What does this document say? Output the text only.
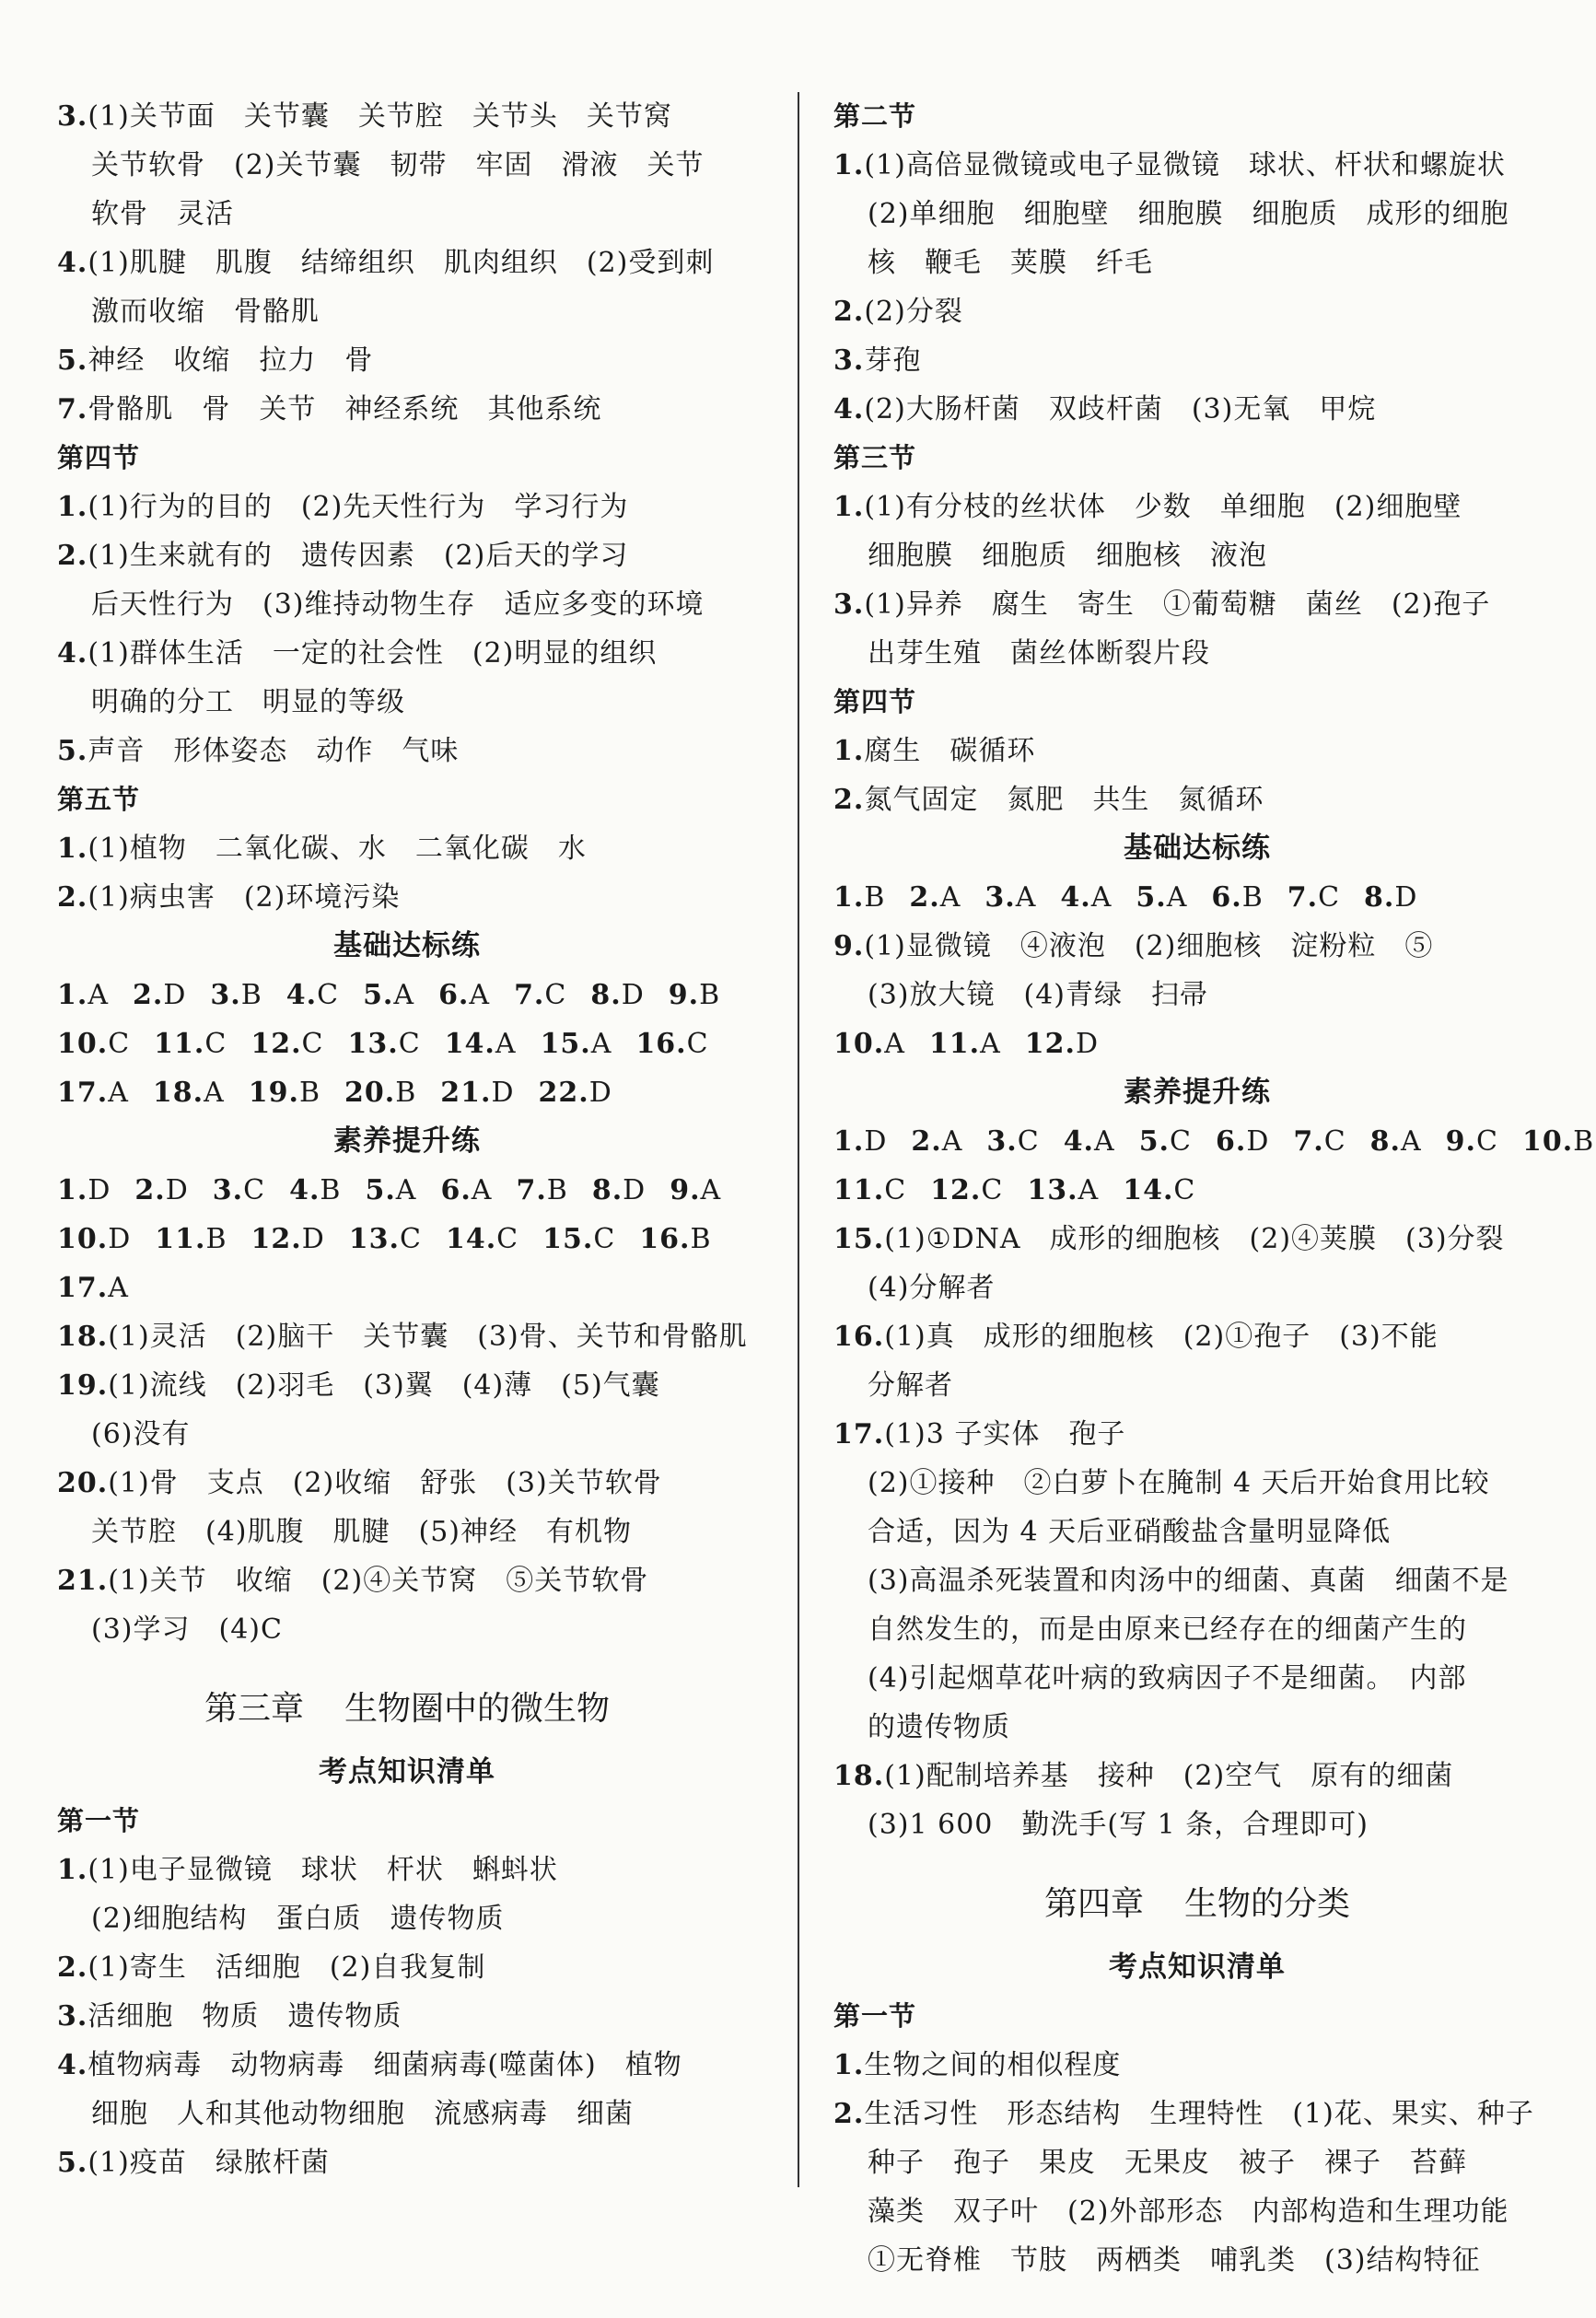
3.(1)关节面　关节囊　关节腔　关节头　关节窝
关节软骨　(2)关节囊　韧带　牢固　滑液　关节
软骨　灵活
4.(1)肌腱　肌腹　结缔组织　肌肉组织　(2)受到刺
激而收缩　骨骼肌
5.神经　收缩　拉力　骨
7.骨骼肌　骨　关节　神经系统　其他系统
第四节
1.(1)行为的目的　(2)先天性行为　学习行为
2.(1)生来就有的　遗传因素　(2)后天的学习
后天性行为　(3)维持动物生存　适应多变的环境
4.(1)群体生活　一定的社会性　(2)明显的组织
明确的分工　明显的等级
5.声音　形体姿态　动作　气味
第五节
1.(1)植物　二氧化碳、水　二氧化碳　水
2.(1)病虫害　(2)环境污染
基础达标练
1.A 2.D 3.B 4.C 5.A 6.A 7.C 8.D 9.B
10.C 11.C 12.C 13.C 14.A 15.A 16.C
17.A 18.A 19.B 20.B 21.D 22.D
素养提升练
1.D 2.D 3.C 4.B 5.A 6.A 7.B 8.D 9.A
10.D 11.B 12.D 13.C 14.C 15.C 16.B
17.A
18.(1)灵活　(2)脑干　关节囊　(3)骨、关节和骨骼肌
19.(1)流线　(2)羽毛　(3)翼　(4)薄　(5)气囊
(6)没有
20.(1)骨　支点　(2)收缩　舒张　(3)关节软骨
关节腔　(4)肌腹　肌腱　(5)神经　有机物
21.(1)关节　收缩　(2)④关节窝　⑤关节软骨
(3)学习　(4)C
第三章 生物圈中的微生物
考点知识清单
第一节
1.(1)电子显微镜　球状　杆状　蝌蚪状
(2)细胞结构　蛋白质　遗传物质
2.(1)寄生　活细胞　(2)自我复制
3.活细胞　物质　遗传物质
4.植物病毒　动物病毒　细菌病毒(噬菌体)　植物
细胞　人和其他动物细胞　流感病毒　细菌
5.(1)疫苗　绿脓杆菌
第二节
1.(1)高倍显微镜或电子显微镜　球状、杆状和螺旋状
(2)单细胞　细胞壁　细胞膜　细胞质　成形的细胞
核　鞭毛　荚膜　纤毛
2.(2)分裂
3.芽孢
4.(2)大肠杆菌　双歧杆菌　(3)无氧　甲烷
第三节
1.(1)有分枝的丝状体　少数　单细胞　(2)细胞壁
细胞膜　细胞质　细胞核　液泡
3.(1)异养　腐生　寄生　①葡萄糖　菌丝　(2)孢子
出芽生殖　菌丝体断裂片段
第四节
1.腐生　碳循环
2.氮气固定　氮肥　共生　氮循环
基础达标练
1.B 2.A 3.A 4.A 5.A 6.B 7.C 8.D
9.(1)显微镜　④液泡　(2)细胞核　淀粉粒　⑤
(3)放大镜　(4)青绿　扫帚
10.A 11.A 12.D
素养提升练
1.D 2.A 3.C 4.A 5.C 6.D 7.C 8.A 9.C 10.B
11.C 12.C 13.A 14.C
15.(1)①DNA　成形的细胞核　(2)④荚膜　(3)分裂
(4)分解者
16.(1)真　成形的细胞核　(2)①孢子　(3)不能
分解者
17.(1)3 子实体　孢子
(2)①接种　②白萝卜在腌制 4 天后开始食用比较
合适，因为 4 天后亚硝酸盐含量明显降低
(3)高温杀死装置和肉汤中的细菌、真菌　细菌不是
自然发生的，而是由原来已经存在的细菌产生的
(4)引起烟草花叶病的致病因子不是细菌。　内部
的遗传物质
18.(1)配制培养基　接种　(2)空气　原有的细菌
(3)1 600　勤洗手(写 1 条，合理即可)
第四章 生物的分类
考点知识清单
第一节
1.生物之间的相似程度
2.生活习性　形态结构　生理特性　(1)花、果实、种子
种子　孢子　果皮　无果皮　被子　裸子　苔藓
藻类　双子叶　(2)外部形态　内部构造和生理功能
①无脊椎　节肢　两栖类　哺乳类　(3)结构特征
